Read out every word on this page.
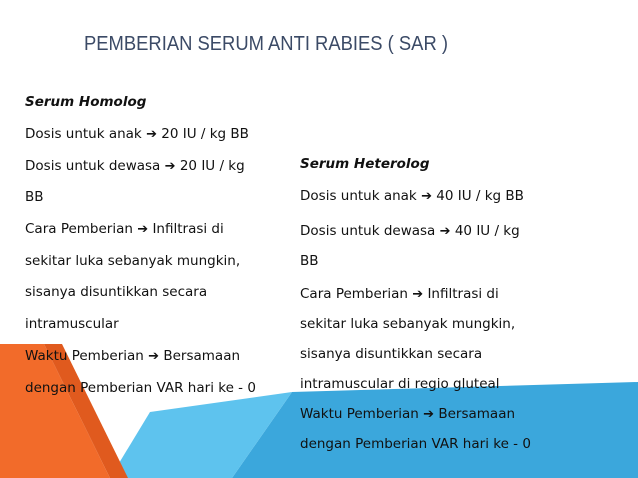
PEMBERIAN SERUM ANTI RABIES ( SAR )
Serum Homolog
Dosis untuk anak ➔ 20 IU / kg BB
Dosis untuk dewasa ➔ 20 IU / kg
BB
Cara Pemberian ➔ Infiltrasi di
sekitar luka sebanyak mungkin,
sisanya disuntikkan secara
intramuscular
Waktu Pemberian ➔ Bersamaan
dengan Pemberian VAR hari ke - 0
Serum Heterolog
Dosis untuk anak ➔ 40 IU / kg BB
Dosis untuk dewasa ➔ 40 IU / kg
BB
Cara Pemberian ➔ Infiltrasi di
sekitar luka sebanyak mungkin,
sisanya disuntikkan secara
intramuscular di regio gluteal
Waktu Pemberian ➔ Bersamaan
dengan Pemberian VAR hari ke - 0
